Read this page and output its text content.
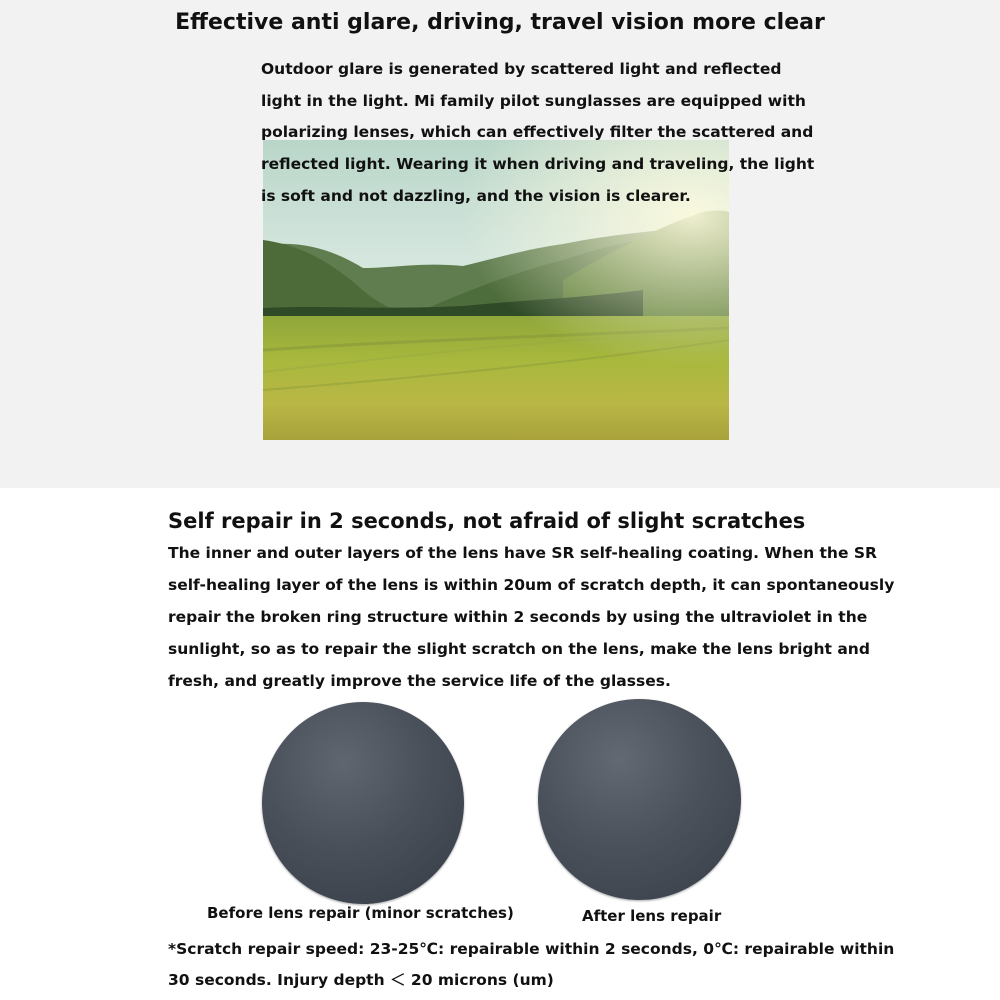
Effective anti glare, driving, travel vision more clear
Outdoor glare is generated by scattered light and reflected
light in the light. Mi family pilot sunglasses are equipped with
polarizing lenses, which can effectively filter the scattered and
reflected light. Wearing it when driving and traveling, the light
is soft and not dazzling, and the vision is clearer.
Self repair in 2 seconds, not afraid of slight scratches
The inner and outer layers of the lens have SR self-healing coating. When the SR
self-healing layer of the lens is within 20um of scratch depth, it can spontaneously
repair the broken ring structure within 2 seconds by using the ultraviolet in the
sunlight, so as to repair the slight scratch on the lens, make the lens bright and
fresh, and greatly improve the service life of the glasses.
Before lens repair (minor scratches)	After lens repair
*Scratch repair speed: 23-25℃: repairable within 2 seconds, 0℃: repairable within
30 seconds. Injury depth ＜ 20 microns (um)
